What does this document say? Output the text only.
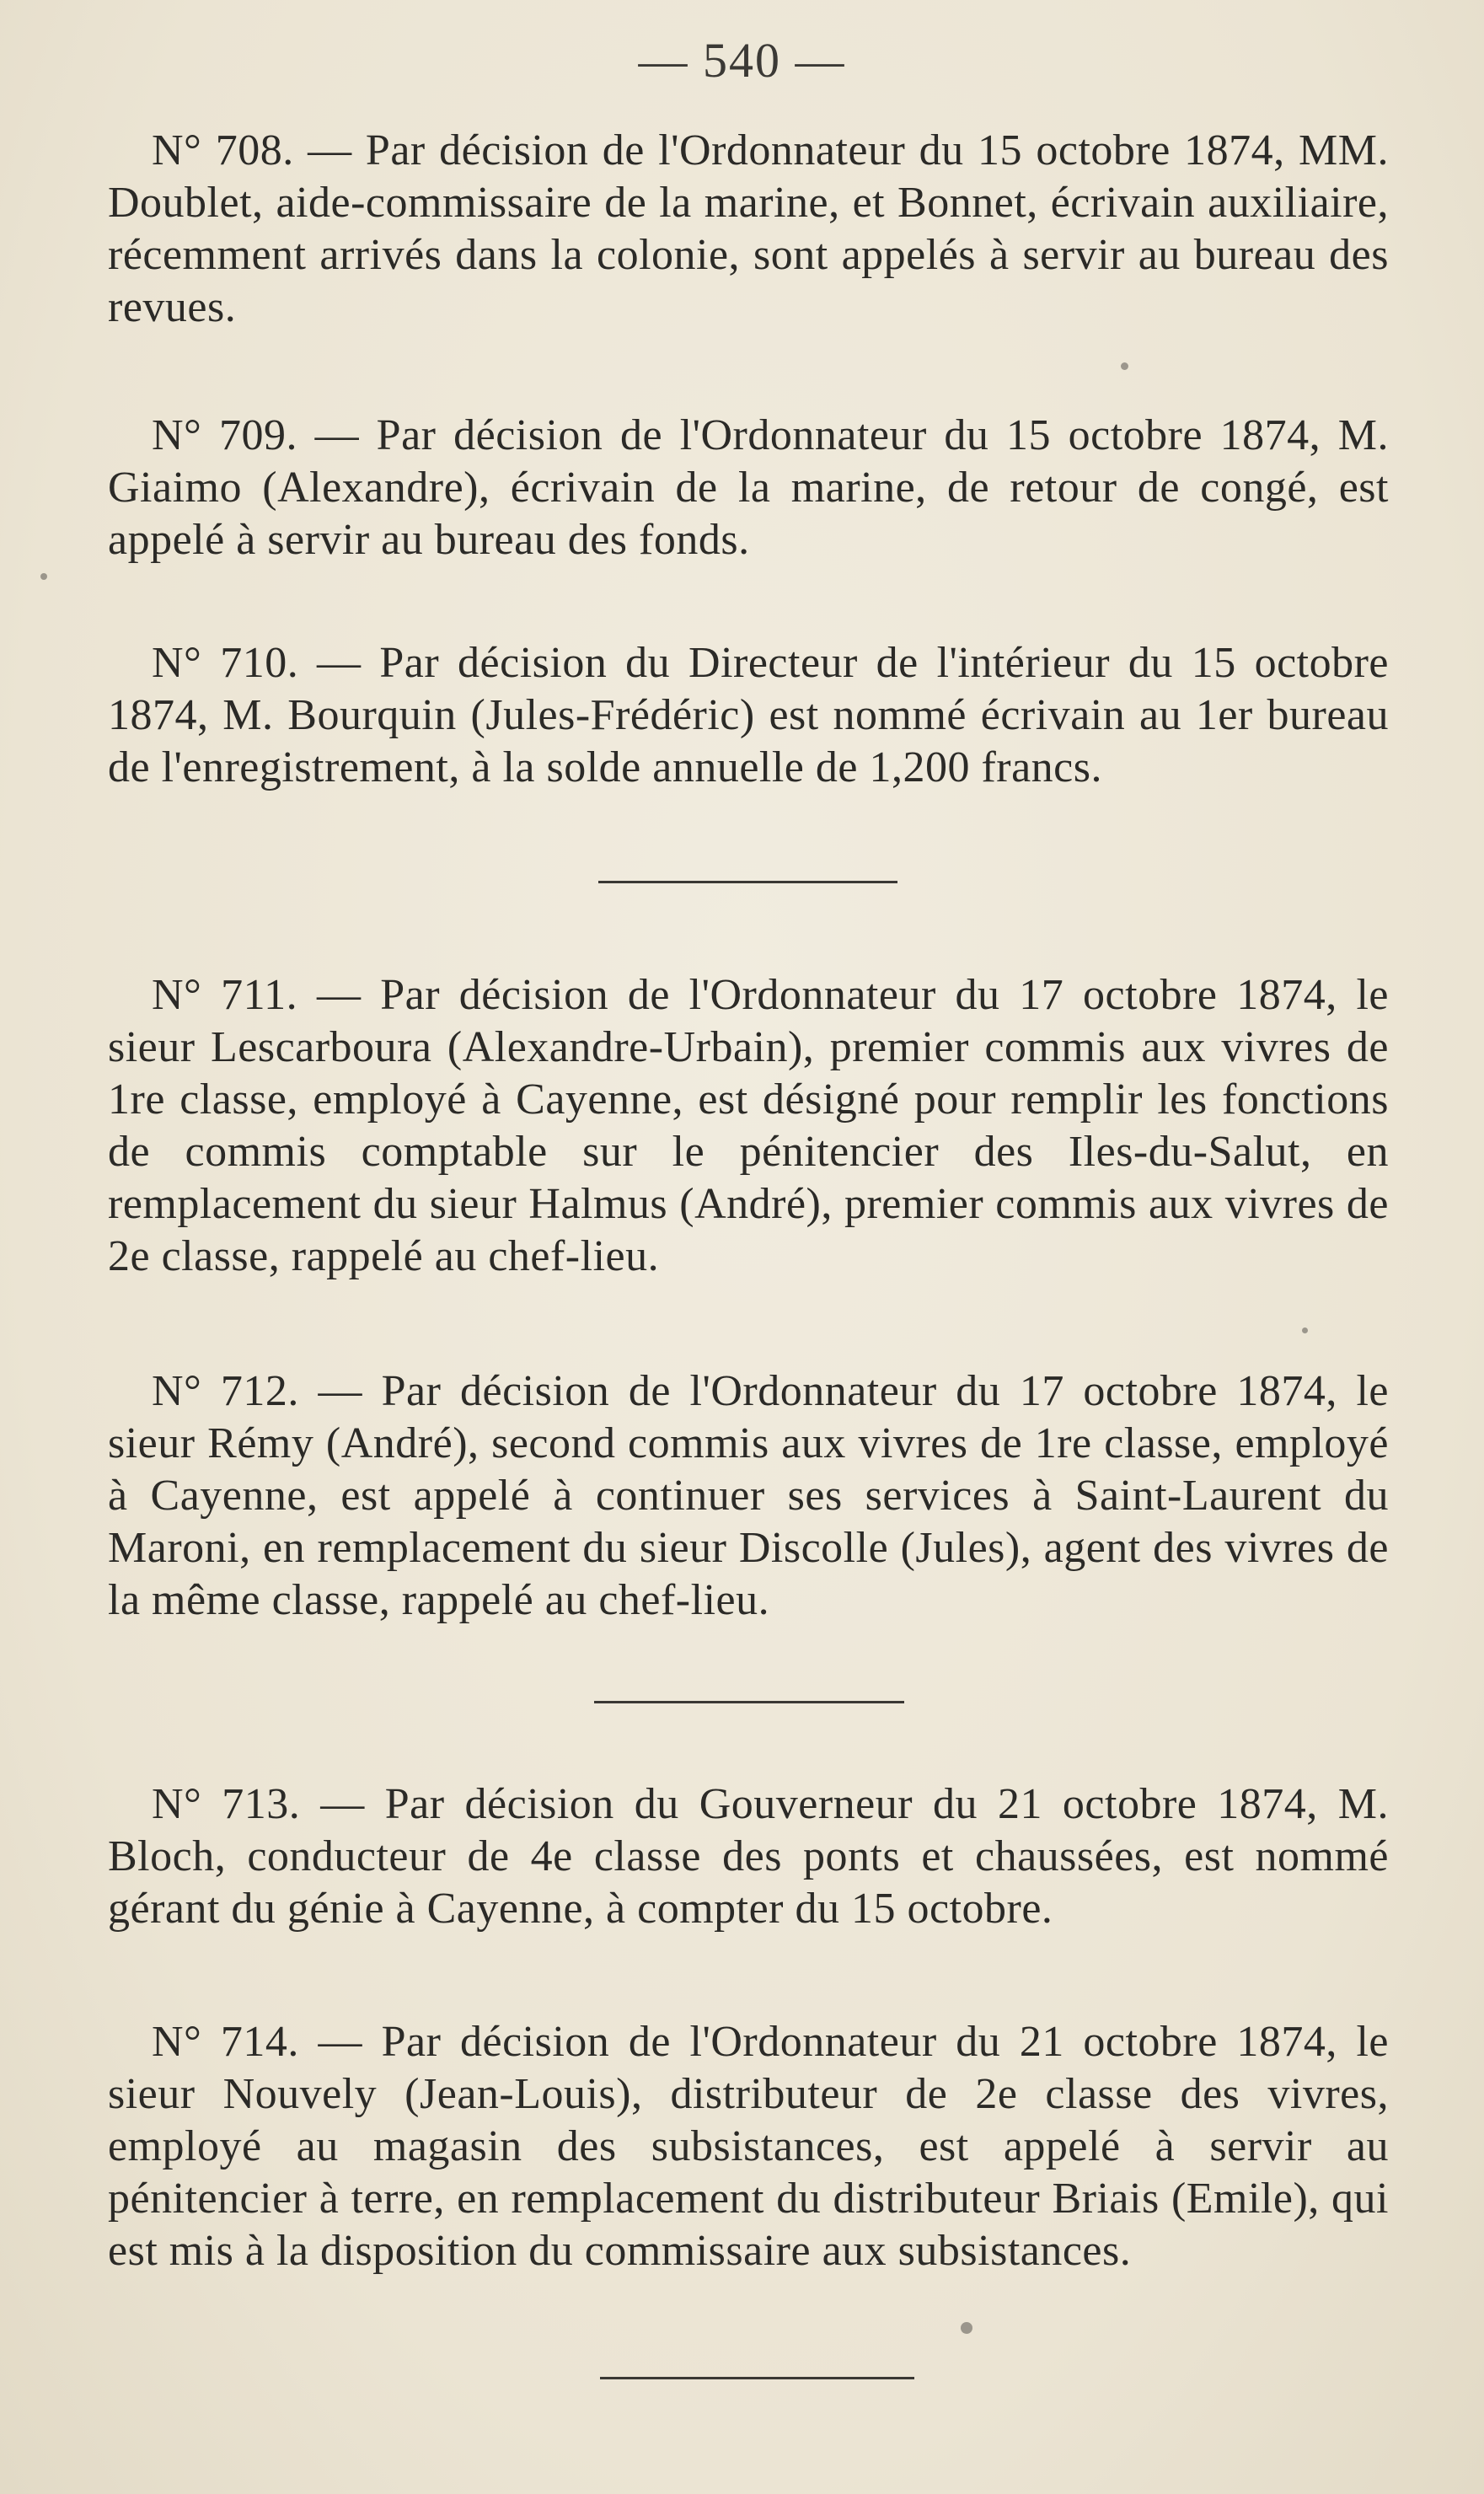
— 540 —
N° 708. — Par décision de l'Ordonnateur du 15 octobre 1874, MM. Doublet, aide-commissaire de la marine, et Bonnet, écrivain auxiliaire, récemment arrivés dans la colonie, sont appelés à servir au bureau des revues.
N° 709. — Par décision de l'Ordonnateur du 15 octobre 1874, M. Giaimo (Alexandre), écrivain de la marine, de retour de congé, est appelé à servir au bureau des fonds.
N° 710. — Par décision du Directeur de l'intérieur du 15 octobre 1874, M. Bourquin (Jules-Frédéric) est nommé écrivain au 1er bureau de l'enregistrement, à la solde annuelle de 1,200 francs.
N° 711. — Par décision de l'Ordonnateur du 17 octobre 1874, le sieur Lescarboura (Alexandre-Urbain), premier commis aux vivres de 1re classe, employé à Cayenne, est désigné pour remplir les fonctions de commis comptable sur le pénitencier des Iles-du-Salut, en remplacement du sieur Halmus (André), premier commis aux vivres de 2e classe, rappelé au chef-lieu.
N° 712. — Par décision de l'Ordonnateur du 17 octobre 1874, le sieur Rémy (André), second commis aux vivres de 1re classe, employé à Cayenne, est appelé à continuer ses services à Saint-Laurent du Maroni, en remplacement du sieur Discolle (Jules), agent des vivres de la même classe, rappelé au chef-lieu.
N° 713. — Par décision du Gouverneur du 21 octobre 1874, M. Bloch, conducteur de 4e classe des ponts et chaussées, est nommé gérant du génie à Cayenne, à compter du 15 octobre.
N° 714. — Par décision de l'Ordonnateur du 21 octobre 1874, le sieur Nouvely (Jean-Louis), distributeur de 2e classe des vivres, employé au magasin des subsistances, est appelé à servir au pénitencier à terre, en remplacement du distributeur Briais (Emile), qui est mis à la disposition du commissaire aux subsistances.
